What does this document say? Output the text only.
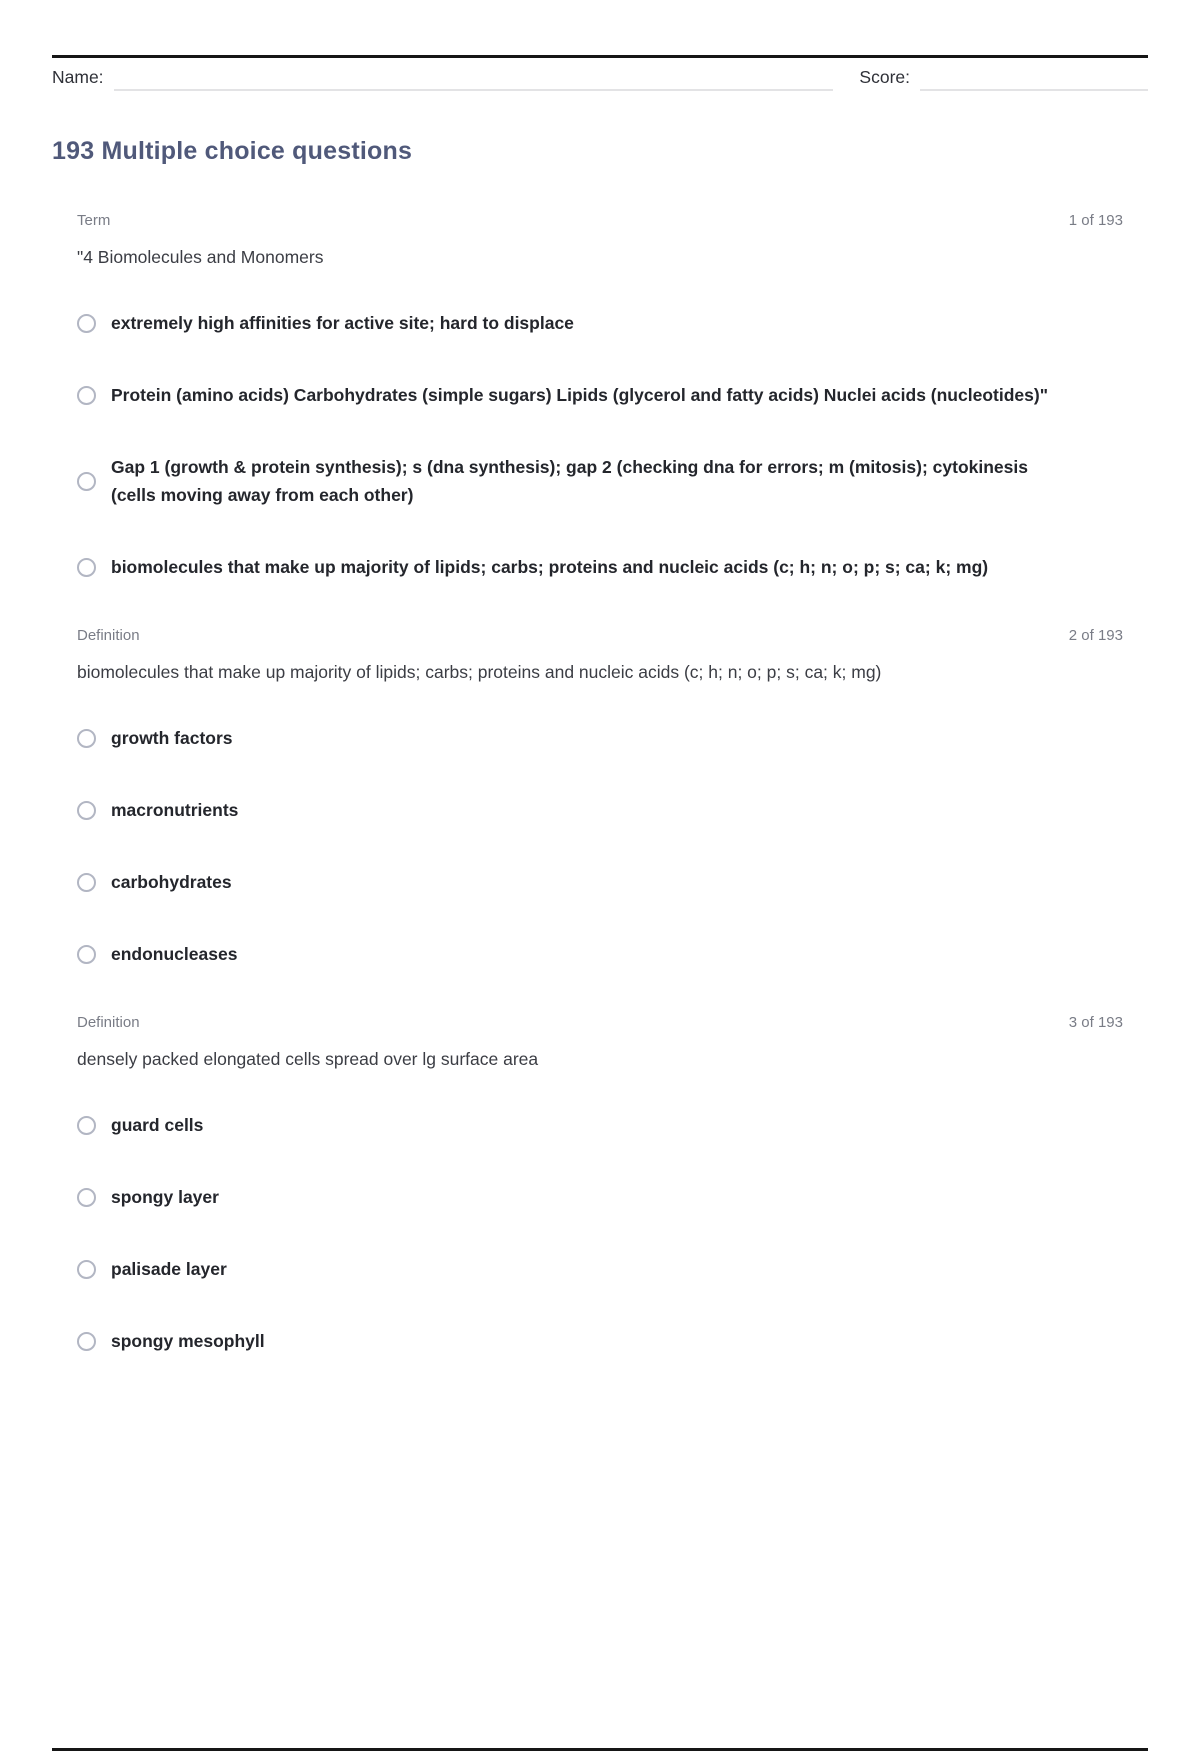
Name:	Score:
193 Multiple choice questions
Term	1 of 193

"4 Biomolecules and Monomers

extremely high affinities for active site; hard to displace
Protein (amino acids) Carbohydrates (simple sugars) Lipids (glycerol and fatty acids) Nuclei acids (nucleotides)"
Gap 1 (growth & protein synthesis); s (dna synthesis); gap 2 (checking dna for errors; m (mitosis); cytokinesis (cells moving away from each other)
biomolecules that make up majority of lipids; carbs; proteins and nucleic acids (c; h; n; o; p; s; ca; k; mg)
Definition	2 of 193

biomolecules that make up majority of lipids; carbs; proteins and nucleic acids (c; h; n; o; p; s; ca; k; mg)

growth factors
macronutrients
carbohydrates
endonucleases
Definition	3 of 193

densely packed elongated cells spread over lg surface area

guard cells
spongy layer
palisade layer
spongy mesophyll
